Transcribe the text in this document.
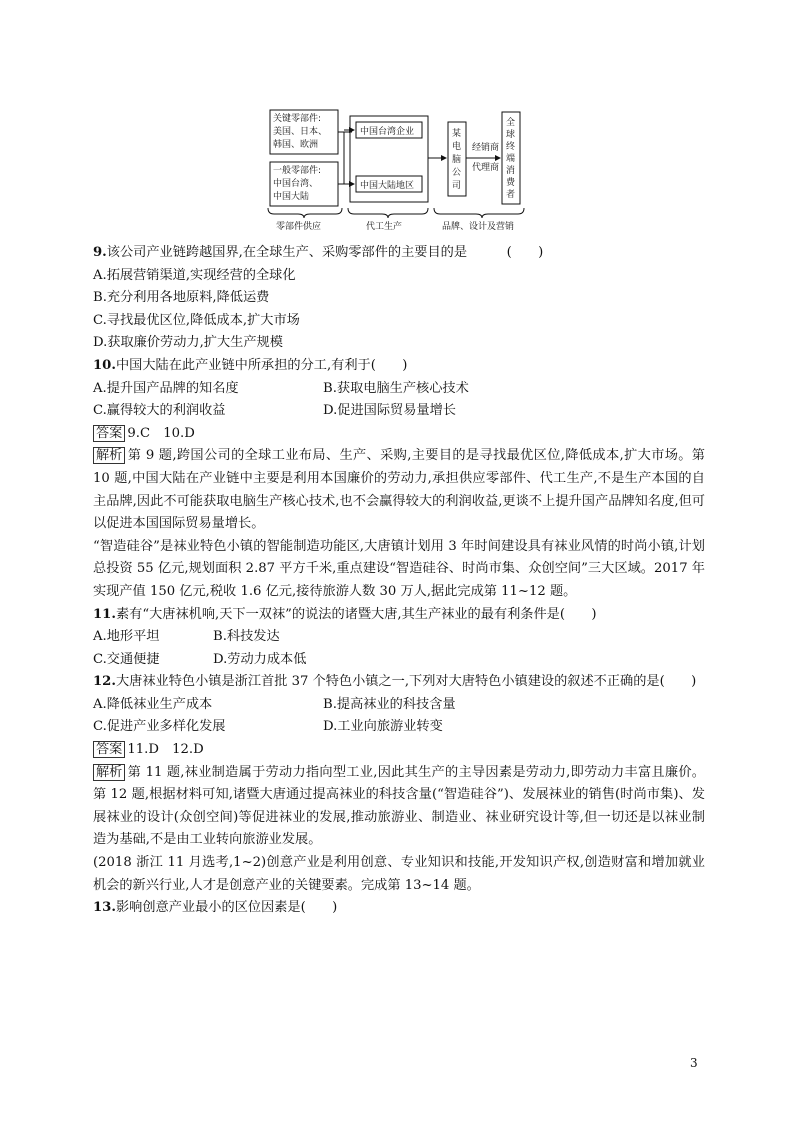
关键零部件:
美国、日本、
韩国、欧洲
一般零部件:
中国台湾、
中国大陆
中国台湾企业
中国大陆地区
某
电
脑
公
司
经销商
代理商
全
球
终
端
消
费
者
零部件供应	代工生产	品牌、设计及营销
9.该公司产业链跨越国界,在全球生产、采购零部件的主要目的是　　　(　　)
A.拓展营销渠道,实现经营的全球化
B.充分利用各地原料,降低运费
C.寻找最优区位,降低成本,扩大市场
D.获取廉价劳动力,扩大生产规模
10.中国大陆在此产业链中所承担的分工,有利于(　　)
A.提升国产品牌的知名度	B.获取电脑生产核心技术
C.赢得较大的利润收益	D.促进国际贸易量增长
答案 9.C　10.D
解析 第 9 题,跨国公司的全球工业布局、生产、采购,主要目的是寻找最优区位,降低成本,扩大市场。第 10 题,中国大陆在产业链中主要是利用本国廉价的劳动力,承担供应零部件、代工生产,不是生产本国的自主品牌,因此不可能获取电脑生产核心技术,也不会赢得较大的利润收益,更谈不上提升国产品牌知名度,但可以促进本国国际贸易量增长。
“智造硅谷”是袜业特色小镇的智能制造功能区,大唐镇计划用 3 年时间建设具有袜业风情的时尚小镇,计划总投资 55 亿元,规划面积 2.87 平方千米,重点建设“智造硅谷、时尚市集、众创空间”三大区域。2017 年实现产值 150 亿元,税收 1.6 亿元,接待旅游人数 30 万人,据此完成第 11~12 题。
11.素有“大唐袜机响,天下一双袜”的说法的诸暨大唐,其生产袜业的最有利条件是(　　)
A.地形平坦	B.科技发达
C.交通便捷	D.劳动力成本低
12.大唐袜业特色小镇是浙江首批 37 个特色小镇之一,下列对大唐特色小镇建设的叙述不正确的是(　　)
A.降低袜业生产成本	B.提高袜业的科技含量
C.促进产业多样化发展	D.工业向旅游业转变
答案 11.D　12.D
解析 第 11 题,袜业制造属于劳动力指向型工业,因此其生产的主导因素是劳动力,即劳动力丰富且廉价。第 12 题,根据材料可知,诸暨大唐通过提高袜业的科技含量(“智造硅谷”)、发展袜业的销售(时尚市集)、发展袜业的设计(众创空间)等促进袜业的发展,推动旅游业、制造业、袜业研究设计等,但一切还是以袜业制造为基础,不是由工业转向旅游业发展。
(2018 浙江 11 月选考,1~2)创意产业是利用创意、专业知识和技能,开发知识产权,创造财富和增加就业机会的新兴行业,人才是创意产业的关键要素。完成第 13~14 题。
13.影响创意产业最小的区位因素是(　　)
3
